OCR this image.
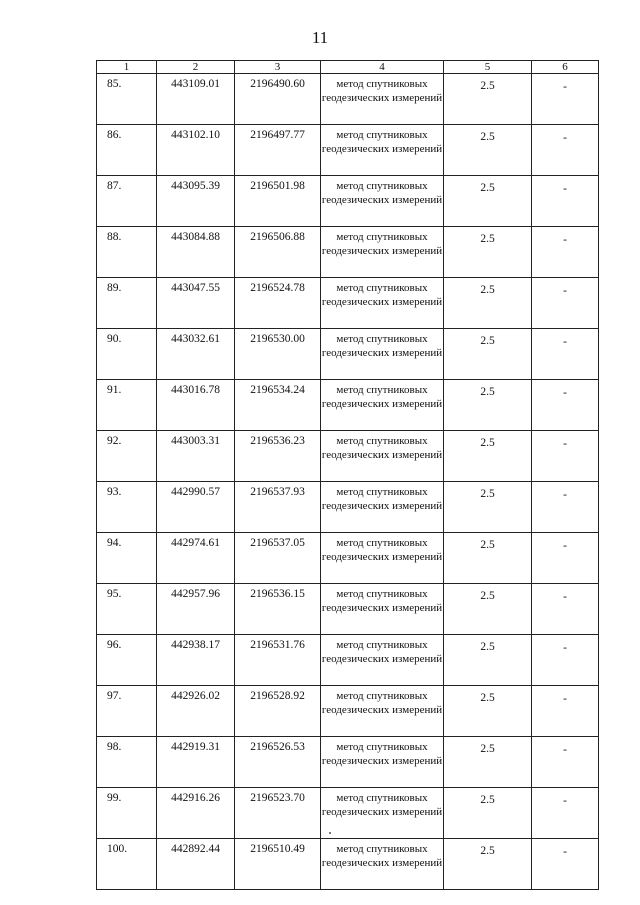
11
1	2	3	4	5	6
85.	443109.01	2196490.60	метод спутниковых геодезических измерений	2.5	-
86.	443102.10	2196497.77	метод спутниковых геодезических измерений	2.5	-
87.	443095.39	2196501.98	метод спутниковых геодезических измерений	2.5	-
88.	443084.88	2196506.88	метод спутниковых геодезических измерений	2.5	-
89.	443047.55	2196524.78	метод спутниковых геодезических измерений	2.5	-
90.	443032.61	2196530.00	метод спутниковых геодезических измерений	2.5	-
91.	443016.78	2196534.24	метод спутниковых геодезических измерений	2.5	-
92.	443003.31	2196536.23	метод спутниковых геодезических измерений	2.5	-
93.	442990.57	2196537.93	метод спутниковых геодезических измерений	2.5	-
94.	442974.61	2196537.05	метод спутниковых геодезических измерений	2.5	-
95.	442957.96	2196536.15	метод спутниковых геодезических измерений	2.5	-
96.	442938.17	2196531.76	метод спутниковых геодезических измерений	2.5	-
97.	442926.02	2196528.92	метод спутниковых геодезических измерений	2.5	-
98.	442919.31	2196526.53	метод спутниковых геодезических измерений	2.5	-
99.	442916.26	2196523.70	метод спутниковых геодезических измерений	2.5	-
100.	442892.44	2196510.49	метод спутниковых геодезических измерений	2.5	-
